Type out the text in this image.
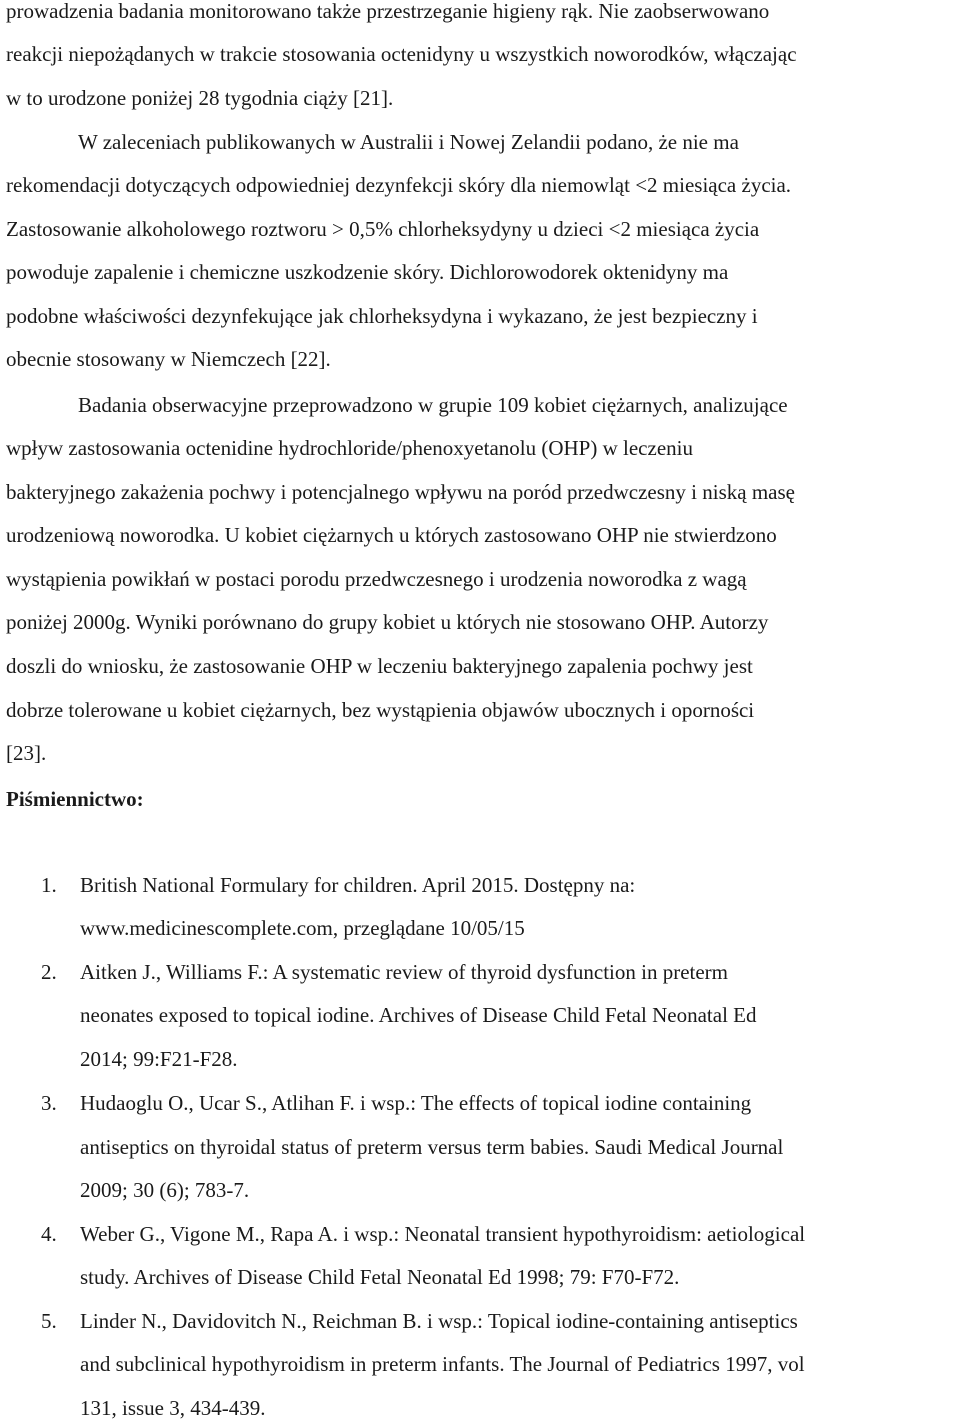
prowadzenia badania monitorowano także przestrzeganie higieny rąk. Nie zaobserwowano
reakcji niepożądanych w trakcie stosowania octenidyny u wszystkich noworodków, włączając
w to urodzone poniżej 28 tygodnia ciąży [21].
W zaleceniach publikowanych w Australii i Nowej Zelandii podano, że nie ma
rekomendacji dotyczących odpowiedniej dezynfekcji skóry dla niemowląt <2 miesiąca życia.
Zastosowanie alkoholowego roztworu > 0,5% chlorheksydyny u dzieci <2 miesiąca życia
powoduje zapalenie i chemiczne uszkodzenie skóry. Dichlorowodorek oktenidyny ma
podobne właściwości dezynfekujące jak chlorheksydyna i wykazano, że jest bezpieczny i
obecnie stosowany w Niemczech [22].
Badania obserwacyjne przeprowadzono w grupie 109 kobiet ciężarnych, analizujące
wpływ zastosowania octenidine hydrochloride/phenoxyetanolu (OHP) w leczeniu
bakteryjnego zakażenia pochwy i potencjalnego wpływu na poród przedwczesny i niską masę
urodzeniową noworodka. U kobiet ciężarnych u których zastosowano OHP nie stwierdzono
wystąpienia powikłań w postaci porodu przedwczesnego i urodzenia noworodka z wagą
poniżej 2000g. Wyniki porównano do grupy kobiet u których nie stosowano OHP. Autorzy
doszli do wniosku, że zastosowanie OHP w leczeniu bakteryjnego zapalenia pochwy jest
dobrze tolerowane u kobiet ciężarnych, bez wystąpienia objawów ubocznych i oporności
[23].
Piśmiennictwo:
1. British National Formulary for children. April 2015. Dostępny na:
www.medicinescomplete.com, przeglądane 10/05/15
2. Aitken J., Williams F.: A systematic review of thyroid dysfunction in preterm
neonates exposed to topical iodine. Archives of Disease Child Fetal Neonatal Ed
2014; 99:F21-F28.
3. Hudaoglu O., Ucar S., Atlihan F. i wsp.: The effects of topical iodine containing
antiseptics on thyroidal status of preterm versus term babies. Saudi Medical Journal
2009; 30 (6); 783-7.
4. Weber G., Vigone M., Rapa A. i wsp.: Neonatal transient hypothyroidism: aetiological
study. Archives of Disease Child Fetal Neonatal Ed 1998; 79: F70-F72.
5. Linder N., Davidovitch N., Reichman B. i wsp.: Topical iodine-containing antiseptics
and subclinical hypothyroidism in preterm infants. The Journal of Pediatrics 1997, vol
131, issue 3, 434-439.
